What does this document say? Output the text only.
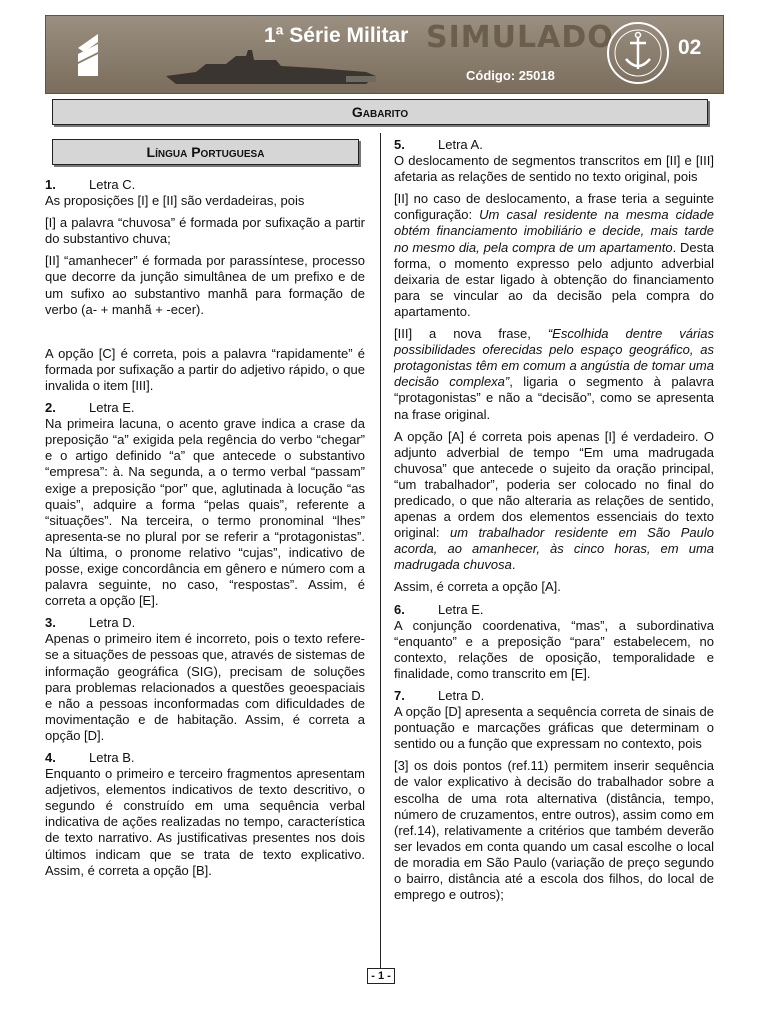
1ª Série Militar SIMULADO
Código: 25018
02
Gabarito
Língua Portuguesa

1.	Letra C.

As proposições [I] e [II] são verdadeiras, pois

[I] a palavra “chuvosa” é formada por sufixação a partir do substantivo chuva;

[II] “amanhecer” é formada por parassíntese, processo que decorre da junção simultânea de um prefixo e de um sufixo ao substantivo manhã para formação de verbo (a- + manhã + -ecer).

A opção [C] é correta, pois a palavra “rapidamente” é formada por sufixação a partir do adjetivo rápido, o que invalida o item [III].

2.	Letra E.

Na primeira lacuna, o acento grave indica a crase da preposição “a” exigida pela regência do verbo “chegar” e o artigo definido “a” que antecede o substantivo “empresa”: à. Na segunda, a o termo verbal “passam” exige a preposição “por” que, aglutinada à locução “as quais”, adquire a forma “pelas quais”, referente a “situações”. Na terceira, o termo pronominal “lhes” apresenta-se no plural por se referir a “protagonistas”. Na última, o pronome relativo “cujas”, indicativo de posse, exige concordância em gênero e número com a palavra seguinte, no caso, “respostas”. Assim, é correta a opção [E].

3.	Letra D.

Apenas o primeiro item é incorreto, pois o texto refere-se a situações de pessoas que, através de sistemas de informação geográfica (SIG), precisam de soluções para problemas relacionados a questões geoespaciais e não a pessoas inconformadas com dificuldades de movimentação e de habitação. Assim, é correta a opção [D].

4.	Letra B.

Enquanto o primeiro e terceiro fragmentos apresentam adjetivos, elementos indicativos de texto descritivo, o segundo é construído em uma sequência verbal indicativa de ações realizadas no tempo, característica de texto narrativo. As justificativas presentes nos dois últimos indicam que se trata de texto explicativo. Assim, é correta a opção [B].

5.	Letra A.

O deslocamento de segmentos transcritos em [II] e [III] afetaria as relações de sentido no texto original, pois

[II] no caso de deslocamento, a frase teria a seguinte configuração: Um casal residente na mesma cidade obtém financiamento imobiliário e decide, mais tarde no mesmo dia, pela compra de um apartamento. Desta forma, o momento expresso pelo adjunto adverbial deixaria de estar ligado à obtenção do financiamento para se vincular ao da decisão pela compra do apartamento.

[III] a nova frase, “Escolhida dentre várias possibilidades oferecidas pelo espaço geográfico, as protagonistas têm em comum a angústia de tomar uma decisão complexa”, ligaria o segmento à palavra “protagonistas” e não a “decisão”, como se apresenta na frase original.

A opção [A] é correta pois apenas [I] é verdadeiro. O adjunto adverbial de tempo “Em uma madrugada chuvosa” que antecede o sujeito da oração principal, “um trabalhador”, poderia ser colocado no final do predicado, o que não alteraria as relações de sentido, apenas a ordem dos elementos essenciais do texto original: um trabalhador residente em São Paulo acorda, ao amanhecer, às cinco horas, em uma madrugada chuvosa.

Assim, é correta a opção [A].

6.	Letra E.

A conjunção coordenativa, “mas”, a subordinativa “enquanto” e a preposição “para” estabelecem, no contexto, relações de oposição, temporalidade e finalidade, como transcrito em [E].

7.	Letra D.

A opção [D] apresenta a sequência correta de sinais de pontuação e marcações gráficas que determinam o sentido ou a função que expressam no contexto, pois

[3] os dois pontos (ref.11) permitem inserir sequência de valor explicativo à decisão do trabalhador sobre a escolha de uma rota alternativa (distância, tempo, número de cruzamentos, entre outros), assim como em (ref.14), relativamente a critérios que também deverão ser levados em conta quando um casal escolhe o local de moradia em São Paulo (variação de preço segundo o bairro, distância até a escola dos filhos, do local de emprego e outros);

- 1 -
